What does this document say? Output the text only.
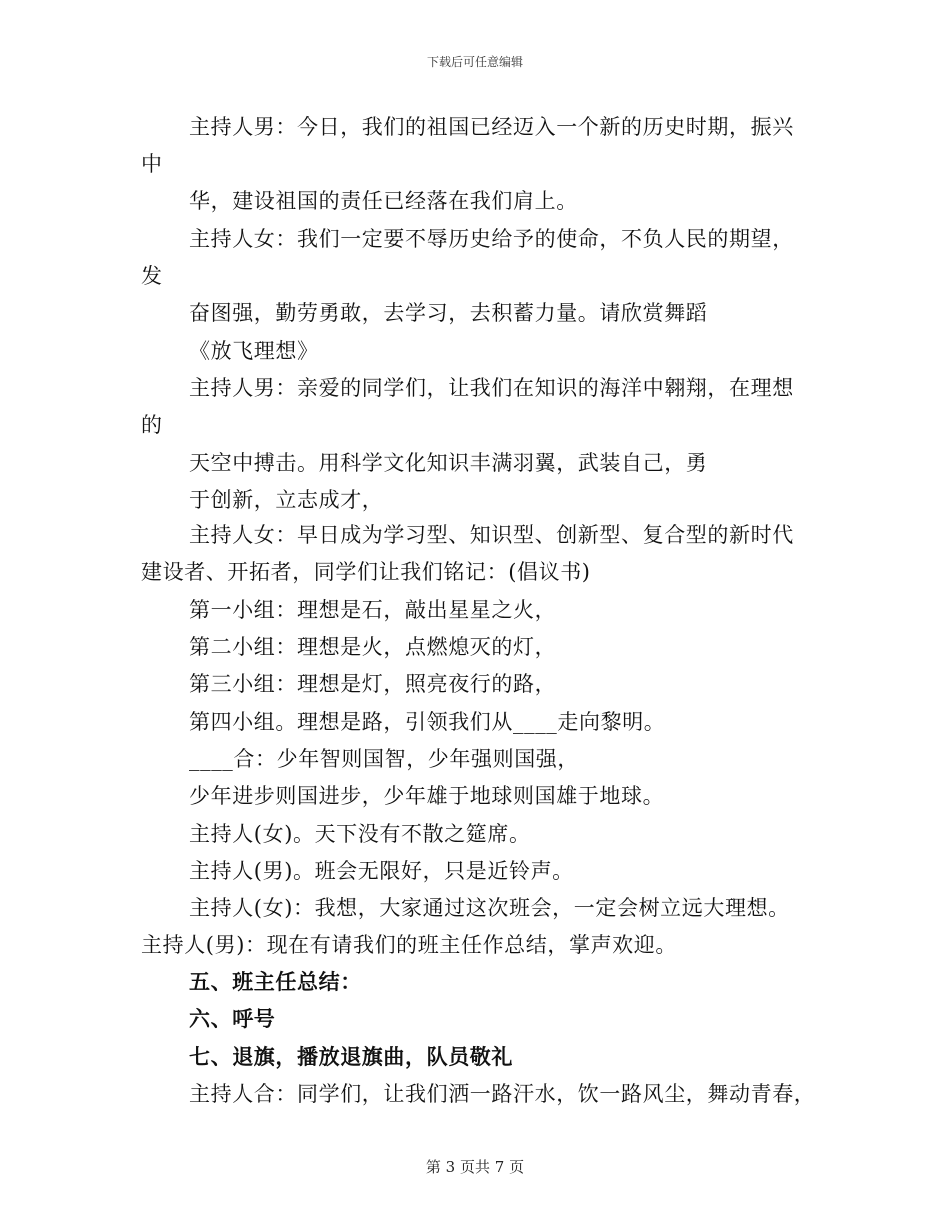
下载后可任意编辑
主持人男：今日，我们的祖国已经迈入一个新的历史时期，振兴
中
华，建设祖国的责任已经落在我们肩上。
主持人女：我们一定要不辱历史给予的使命，不负人民的期望，
发
奋图强，勤劳勇敢，去学习，去积蓄力量。请欣赏舞蹈
《放飞理想》
主持人男：亲爱的同学们，让我们在知识的海洋中翱翔，在理想
的
天空中搏击。用科学文化知识丰满羽翼，武装自己，勇
于创新，立志成才，
主持人女：早日成为学习型、知识型、创新型、复合型的新时代
建设者、开拓者，同学们让我们铭记：(倡议书)
第一小组：理想是石，敲出星星之火，
第二小组：理想是火，点燃熄灭的灯，
第三小组：理想是灯，照亮夜行的路，
第四小组。理想是路，引领我们从____走向黎明。
____合：少年智则国智，少年强则国强，
少年进步则国进步，少年雄于地球则国雄于地球。
主持人(女)。天下没有不散之筵席。
主持人(男)。班会无限好，只是近铃声。
主持人(女)：我想，大家通过这次班会，一定会树立远大理想。
主持人(男)：现在有请我们的班主任作总结，掌声欢迎。
五、班主任总结：
六、呼号
七、退旗，播放退旗曲，队员敬礼
主持人合：同学们，让我们洒一路汗水，饮一路风尘，舞动青春，
第 3 页共 7 页
